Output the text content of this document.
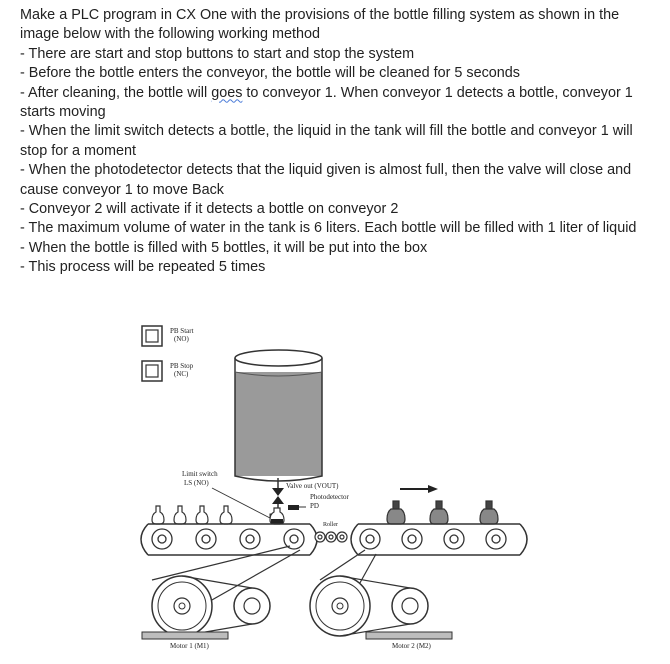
Make a PLC program in CX One with the provisions of the bottle filling system as shown in the image below with the following working method

- There are start and stop buttons to start and stop the system

- Before the bottle enters the conveyor, the bottle will be cleaned for 5 seconds

- After cleaning, the bottle will goes to conveyor 1. When conveyor 1 detects a bottle, conveyor 1 starts moving

- When the limit switch detects a bottle, the liquid in the tank will fill the bottle and conveyor 1 will stop for a moment

- When the photodetector detects that the liquid given is almost full, then the valve will close and cause conveyor 1 to move Back

- Conveyor 2 will activate if it detects a bottle on conveyor 2

- The maximum volume of water in the tank is 6 liters. Each bottle will be filled with 1 liter of liquid

- When the bottle is filled with 5 bottles, it will be put into the box

- This process will be repeated 5 times

PB Start
(NO)
PB Stop
(NC)
Valve out (VOUT)
Limit switch
LS (NO)
Photodetector
PD
Roller
Motor 1 (M1)	Motor 2 (M2)
